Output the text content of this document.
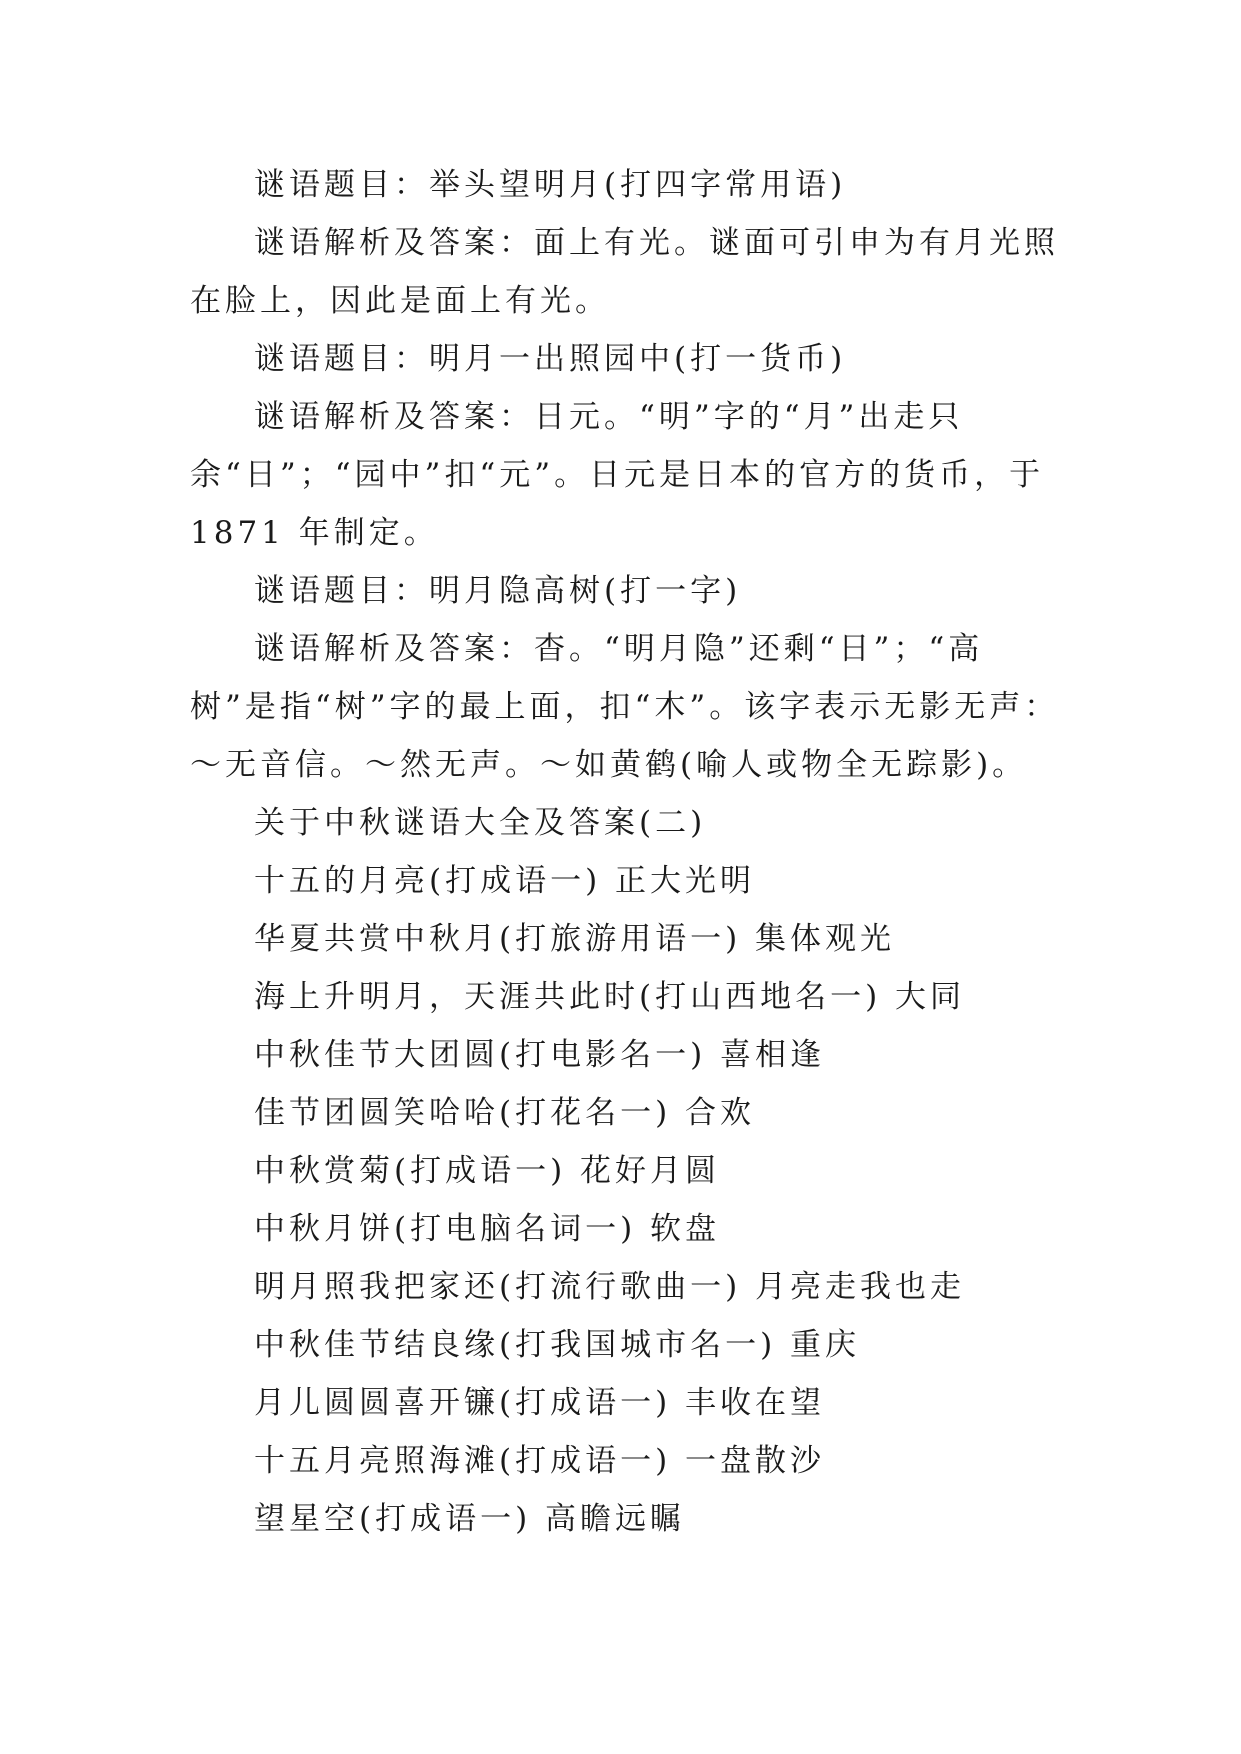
谜语题目：举头望明月(打四字常用语)

谜语解析及答案：面上有光。谜面可引申为有月光照在脸上，因此是面上有光。

谜语题目：明月一出照园中(打一货币)

谜语解析及答案：日元。“明”字的“月”出走只余“日”；“园中”扣“元”。日元是日本的官方的货币，于 1871 年制定。

谜语题目：明月隐高树(打一字)

谜语解析及答案：杳。“明月隐”还剩“日”；“高树”是指“树”字的最上面，扣“木”。该字表示无影无声：～无音信。～然无声。～如黄鹤(喻人或物全无踪影)。

关于中秋谜语大全及答案(二)

十五的月亮(打成语一) 正大光明

华夏共赏中秋月(打旅游用语一) 集体观光

海上升明月，天涯共此时(打山西地名一) 大同

中秋佳节大团圆(打电影名一) 喜相逢

佳节团圆笑哈哈(打花名一) 合欢

中秋赏菊(打成语一) 花好月圆

中秋月饼(打电脑名词一) 软盘

明月照我把家还(打流行歌曲一) 月亮走我也走

中秋佳节结良缘(打我国城市名一) 重庆

月儿圆圆喜开镰(打成语一) 丰收在望

十五月亮照海滩(打成语一) 一盘散沙

望星空(打成语一) 高瞻远瞩
